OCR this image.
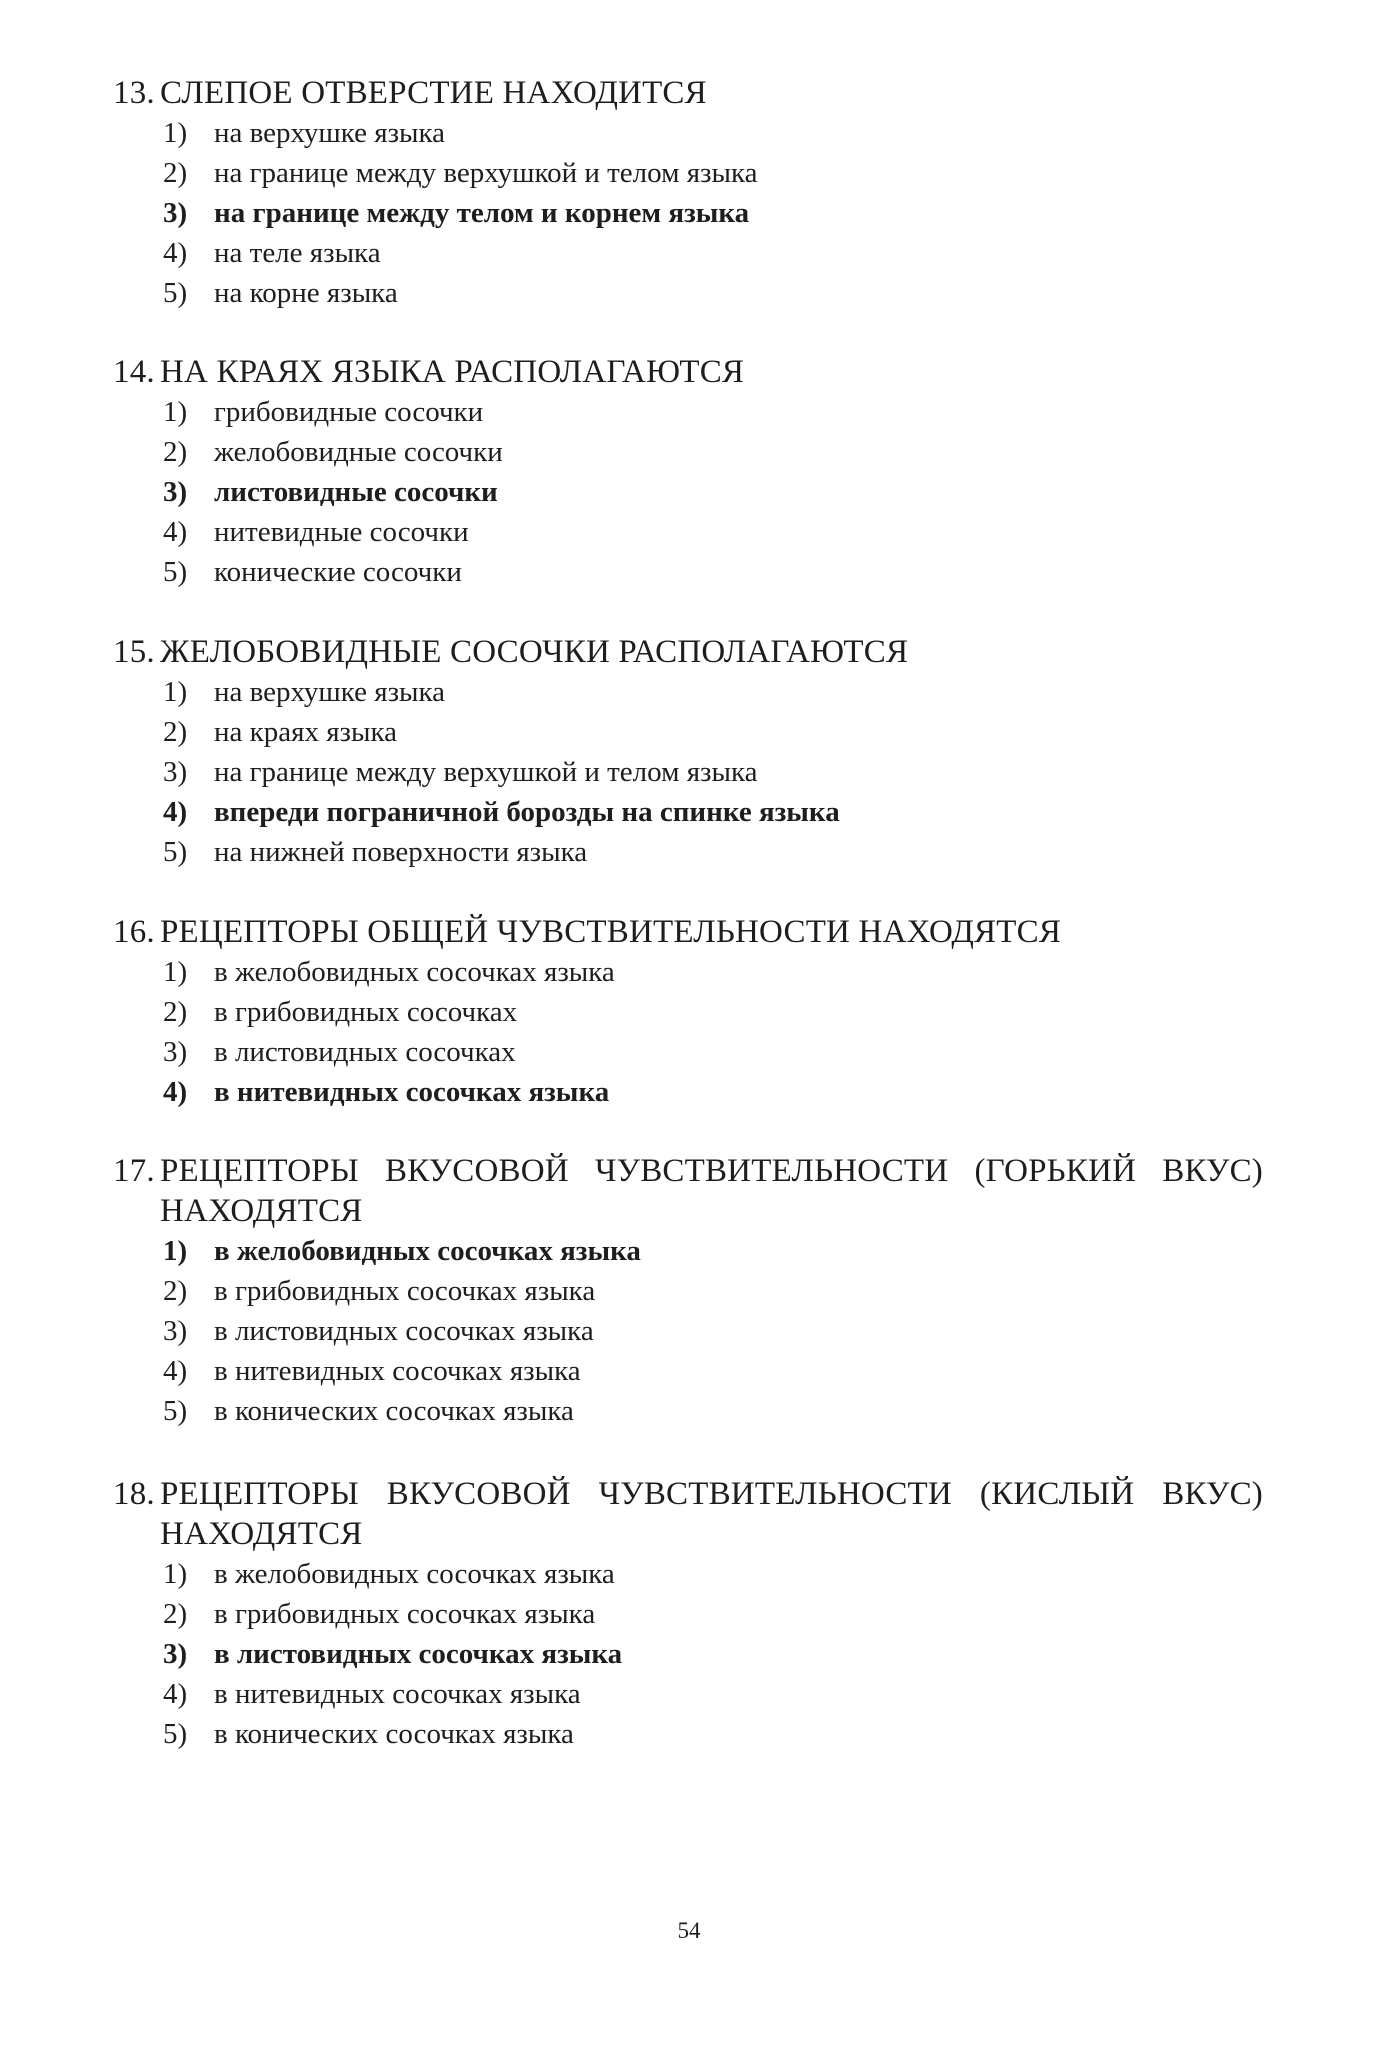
13. СЛЕПОЕ ОТВЕРСТИЕ НАХОДИТСЯ
1) на верхушке языка
2) на границе между верхушкой и телом языка
3) на границе между телом и корнем языка
4) на теле языка
5) на корне языка
14. НА КРАЯХ ЯЗЫКА РАСПОЛАГАЮТСЯ
1) грибовидные сосочки
2) желобовидные сосочки
3) листовидные сосочки
4) нитевидные сосочки
5) конические сосочки
15. ЖЕЛОБОВИДНЫЕ СОСОЧКИ РАСПОЛАГАЮТСЯ
1) на верхушке языка
2) на краях языка
3) на границе между верхушкой и телом языка
4) впереди пограничной борозды на спинке языка
5) на нижней поверхности языка
16. РЕЦЕПТОРЫ ОБЩЕЙ ЧУВСТВИТЕЛЬНОСТИ НАХОДЯТСЯ
1) в желобовидных сосочках языка
2) в грибовидных сосочках
3) в листовидных сосочках
4) в нитевидных сосочках языка
17. РЕЦЕПТОРЫ ВКУСОВОЙ ЧУВСТВИТЕЛЬНОСТИ (ГОРЬКИЙ ВКУС) НАХОДЯТСЯ
1) в желобовидных сосочках языка
2) в грибовидных сосочках языка
3) в листовидных сосочках языка
4) в нитевидных сосочках языка
5) в конических сосочках языка
18. РЕЦЕПТОРЫ ВКУСОВОЙ ЧУВСТВИТЕЛЬНОСТИ (КИСЛЫЙ ВКУС) НАХОДЯТСЯ
1) в желобовидных сосочках языка
2) в грибовидных сосочках языка
3) в листовидных сосочках языка
4) в нитевидных сосочках языка
5) в конических сосочках языка
54
